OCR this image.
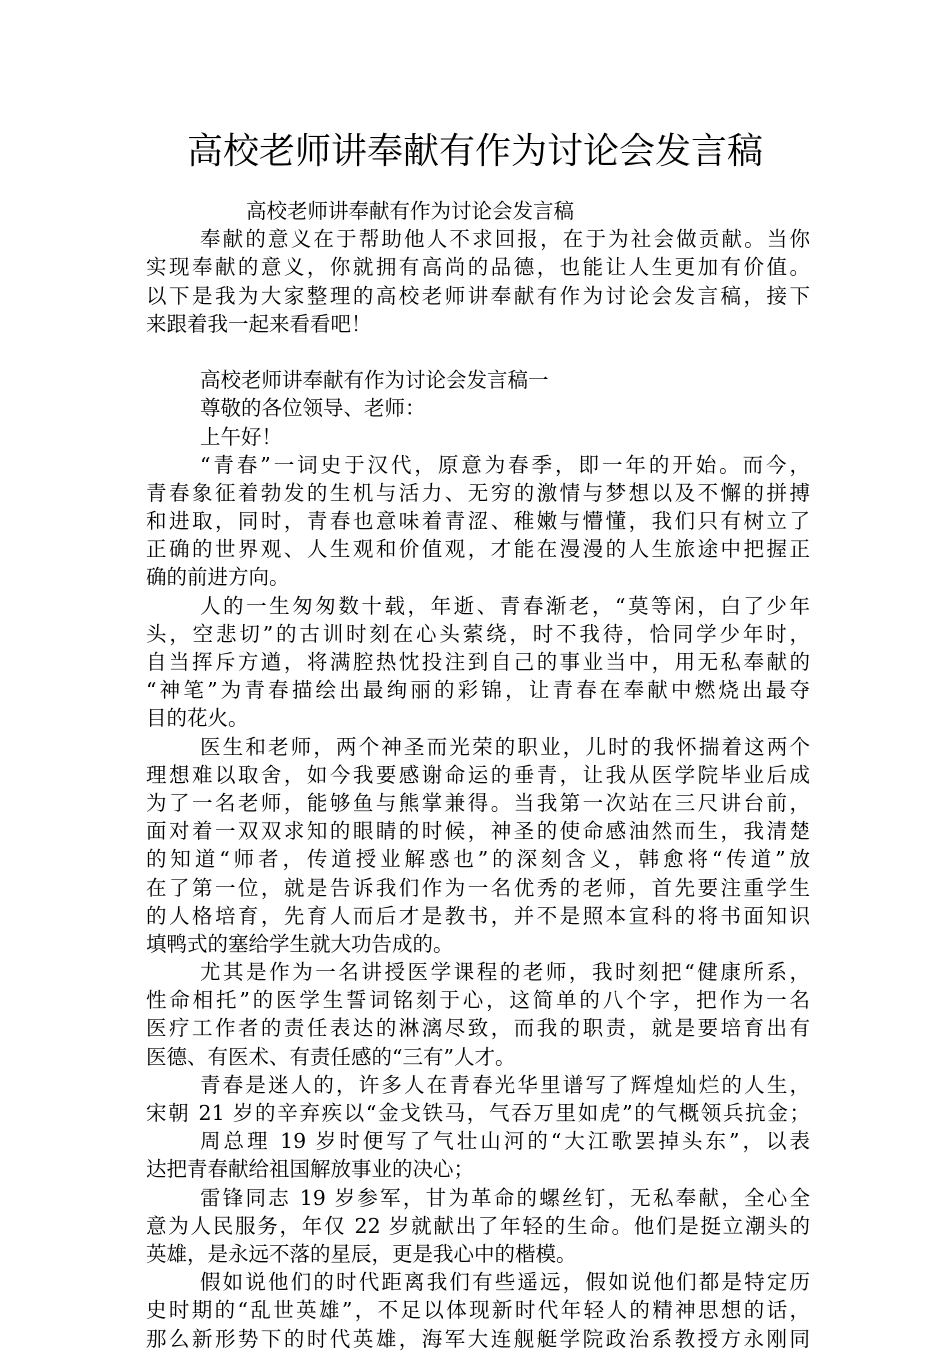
高校老师讲奉献有作为讨论会发言稿
高校老师讲奉献有作为讨论会发言稿
奉献的意义在于帮助他人不求回报，在于为社会做贡献。当你
实现奉献的意义，你就拥有高尚的品德，也能让人生更加有价值。
以下是我为大家整理的高校老师讲奉献有作为讨论会发言稿，接下
来跟着我一起来看看吧！
高校老师讲奉献有作为讨论会发言稿一
尊敬的各位领导、老师：
上午好！
“青春”一词史于汉代，原意为春季，即一年的开始。而今，
青春象征着勃发的生机与活力、无穷的激情与梦想以及不懈的拼搏
和进取，同时，青春也意味着青涩、稚嫩与懵懂，我们只有树立了
正确的世界观、人生观和价值观，才能在漫漫的人生旅途中把握正
确的前进方向。
人的一生匆匆数十载，年逝、青春渐老，“莫等闲，白了少年
头，空悲切”的古训时刻在心头萦绕，时不我待，恰同学少年时，
自当挥斥方遒，将满腔热忱投注到自己的事业当中，用无私奉献的
“神笔”为青春描绘出最绚丽的彩锦，让青春在奉献中燃烧出最夺
目的花火。
医生和老师，两个神圣而光荣的职业，儿时的我怀揣着这两个
理想难以取舍，如今我要感谢命运的垂青，让我从医学院毕业后成
为了一名老师，能够鱼与熊掌兼得。当我第一次站在三尺讲台前，
面对着一双双求知的眼睛的时候，神圣的使命感油然而生，我清楚
的知道“师者，传道授业解惑也”的深刻含义，韩愈将“传道”放
在了第一位，就是告诉我们作为一名优秀的老师，首先要注重学生
的人格培育，先育人而后才是教书，并不是照本宣科的将书面知识
填鸭式的塞给学生就大功告成的。
尤其是作为一名讲授医学课程的老师，我时刻把“健康所系，
性命相托”的医学生誓词铭刻于心，这简单的八个字，把作为一名
医疗工作者的责任表达的淋漓尽致，而我的职责，就是要培育出有
医德、有医术、有责任感的“三有”人才。
青春是迷人的，许多人在青春光华里谱写了辉煌灿烂的人生，
宋朝 21 岁的辛弃疾以“金戈铁马，气吞万里如虎”的气概领兵抗金；
周总理 19 岁时便写了气壮山河的“大江歌罢掉头东”，以表
达把青春献给祖国解放事业的决心；
雷锋同志 19 岁参军，甘为革命的螺丝钉，无私奉献，全心全
意为人民服务，年仅 22 岁就献出了年轻的生命。他们是挺立潮头的
英雄，是永远不落的星辰，更是我心中的楷模。
假如说他们的时代距离我们有些遥远，假如说他们都是特定历
史时期的“乱世英雄”，不足以体现新时代年轻人的精神思想的话，
那么新形势下的时代英雄，海军大连舰艇学院政治系教授方永刚同
